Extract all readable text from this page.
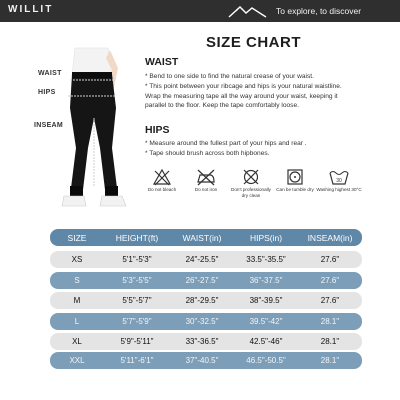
WILLIT	To explore, to discover
WAIST
HIPS
INSEAM
SIZE CHART
WAIST
* Bend to one side to find the natural crease of your waist.
* This point between your ribcage and hips is your natural waistline.
Wrap the measuring tape all the way around your waist, keeping it
parallel to the floor. Keep the tape comfortably loose.
HIPS
* Measure around the fullest part of your hips and rear .
* Tape should brush across both hipbones.
Do not bleach	Do not iron	Don't professionally dry clean
Can be tumble dry
30
Washing highest 30°C
SIZE	HEIGHT(ft)	WAIST(in)	HIPS(in)	INSEAM(in)
XS	5'1"-5'3"	24"-25.5"	33.5"-35.5"	27.6"
S	5'3"-5'5"	26"-27.5"	36"-37.5"	27.6"
M	5'5"-5'7"	28"-29.5"	38"-39.5"	27.6"
L	5'7"-5'9"	30"-32.5"	39.5"-42"	28.1"
XL	5'9"-5'11"	33"-36.5"	42.5"-46"	28.1"
XXL	5'11"-6'1"	37"-40.5"	46.5"-50.5"	28.1"
